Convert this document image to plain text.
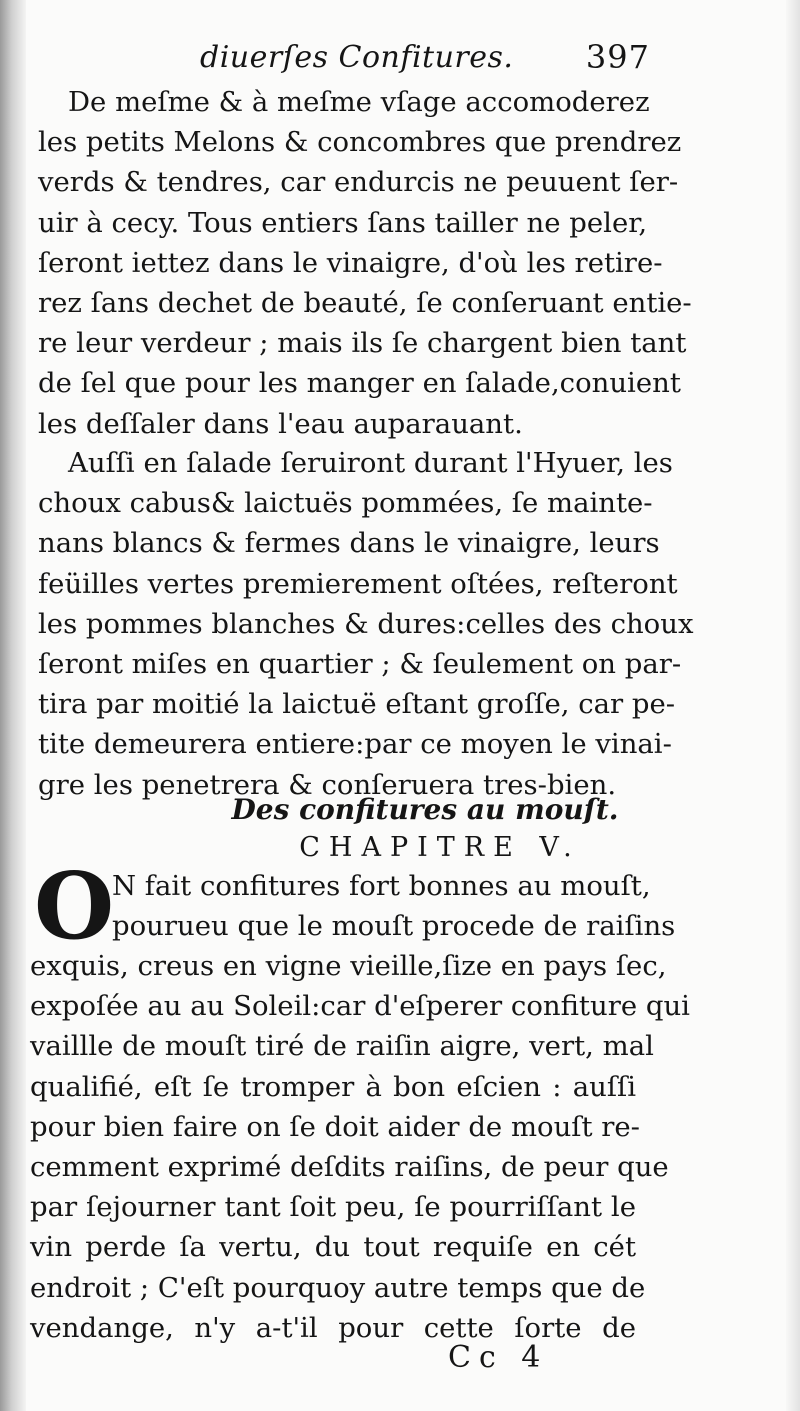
diuerſes Confitures. 397
De meſme & à meſme vſage accomoderez
les petits Melons & concombres que prendrez
verds & tendres, car endurcis ne peuuent ſer-
uir à cecy. Tous entiers ſans tailler ne peler,
ſeront iettez dans le vinaigre, d'où les retire-
rez ſans dechet de beauté, ſe conſeruant entie-
re leur verdeur ; mais ils ſe chargent bien tant
de ſel que pour les manger en ſalade,conuient
les deſſaler dans l'eau auparauant.
Auſſi en ſalade ſeruiront durant l'Hyuer, les
choux cabus& laictuës pommées, ſe mainte-
nans blancs & fermes dans le vinaigre, leurs
feüilles vertes premierement oſtées, reſteront
les pommes blanches & dures:celles des choux
ſeront miſes en quartier ; & ſeulement on par-
tira par moitié la laictuë eſtant groſſe, car pe-
tite demeurera entiere:par ce moyen le vinai-
gre les penetrera & conſeruera tres-bien.
Des confitures au mouſt.
CHAPITRE V.
O
N fait confitures fort bonnes au mouſt,
pourueu que le mouſt procede de raiſins
exquis, creus en vigne vieille,ſize en pays ſec,
expoſée au au Soleil:car d'eſperer confiture qui
vaillle de mouſt tiré de raiſin aigre, vert, mal
qualifié, eſt ſe tromper à bon eſcien : auſſi
pour bien faire on ſe doit aider de mouſt re-
cemment exprimé deſdits raiſins, de peur que
par ſejourner tant ſoit peu, ſe pourriſſant le
vin perde ſa vertu, du tout requiſe en cét
endroit ; C'eſt pourquoy autre temps que de
vendange, n'y a-t'il pour cette ſorte de
Cc 4
